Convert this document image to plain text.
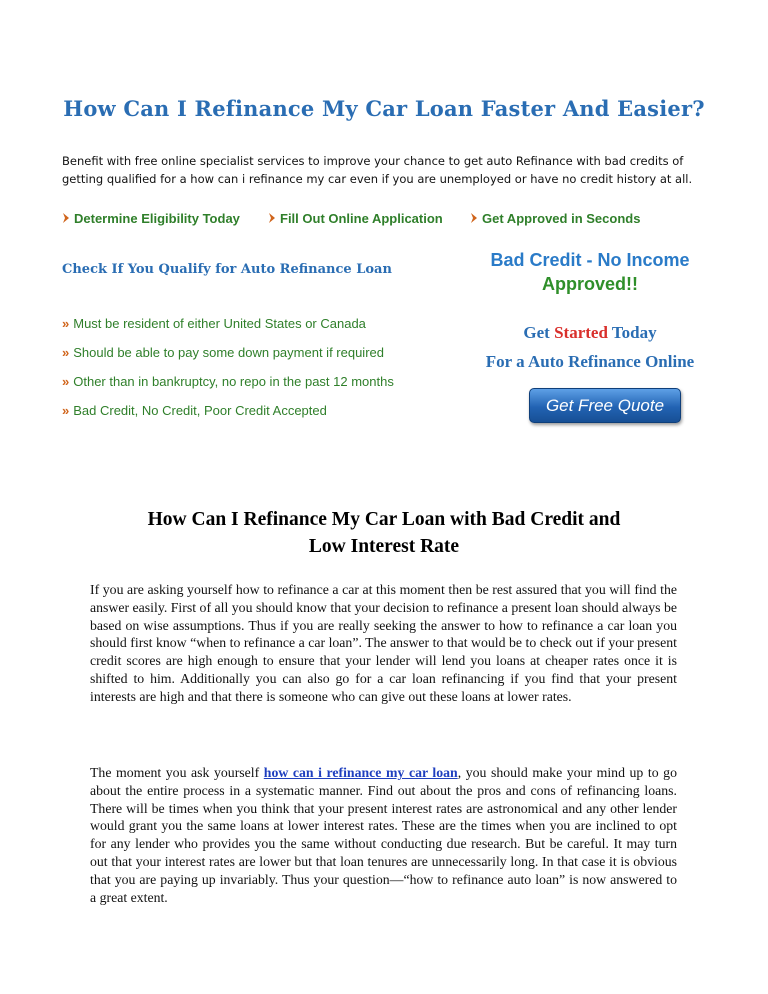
How Can I Refinance My Car Loan Faster And Easier?
Benefit with free online specialist services to improve your chance to get auto Refinance with bad credits of getting qualified for a how can i refinance my car even if you are unemployed or have no credit history at all.
Determine Eligibility Today	Fill Out Online Application	Get Approved in Seconds
Check If You Qualify for Auto Refinance Loan
» Must be resident of either United States or Canada
» Should be able to pay some down payment if required
» Other than in bankruptcy, no repo in the past 12 months
» Bad Credit, No Credit, Poor Credit Accepted
Bad Credit - No Income
Approved!!
Get Started Today
For a Auto Refinance Online
Get Free Quote Now >>
How Can I Refinance My Car Loan with Bad Credit and
Low Interest Rate
If you are asking yourself how to refinance a car at this moment then be rest assured that you will find the answer easily. First of all you should know that your decision to refinance a present loan should always be based on wise assumptions. Thus if you are really seeking the answer to how to refinance a car loan you should first know “when to refinance a car loan”. The answer to that would be to check out if your present credit scores are high enough to ensure that your lender will lend you loans at cheaper rates once it is shifted to him. Additionally you can also go for a car loan refinancing if you find that your present interests are high and that there is someone who can give out these loans at lower rates.
The moment you ask yourself how can i refinance my car loan, you should make your mind up to go about the entire process in a systematic manner. Find out about the pros and cons of refinancing loans. There will be times when you think that your present interest rates are astronomical and any other lender would grant you the same loans at lower interest rates. These are the times when you are inclined to opt for any lender who provides you the same without conducting due research. But be careful. It may turn out that your interest rates are lower but that loan tenures are unnecessarily long. In that case it is obvious that you are paying up invariably. Thus your question—“how to refinance auto loan” is now answered to a great extent.
